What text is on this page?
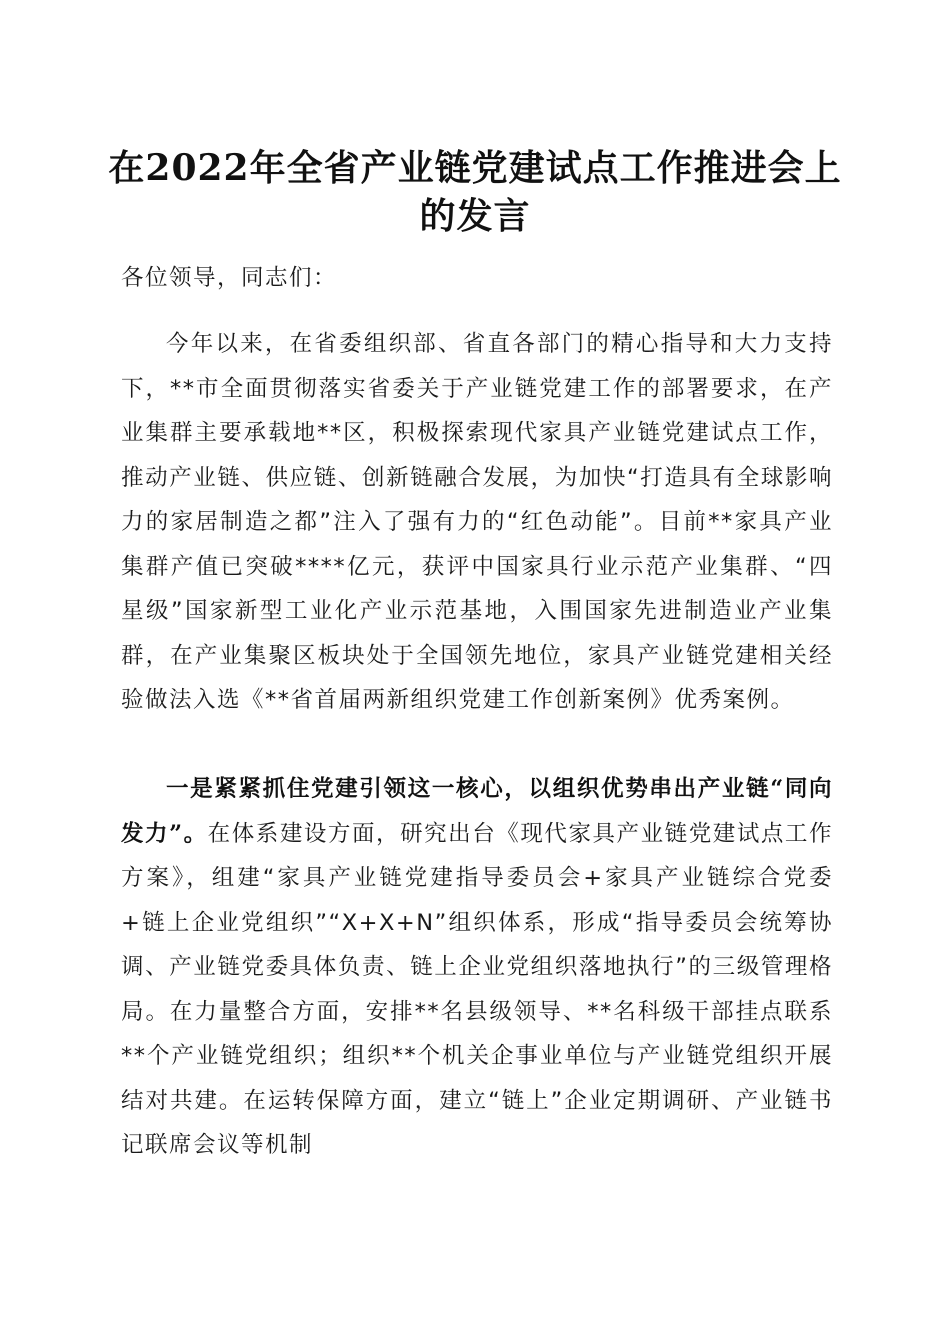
在2022年全省产业链党建试点工作推进会上
的发言

各位领导，同志们：

今年以来，在省委组织部、省直各部门的精心指导和大力支持下，**市全面贯彻落实省委关于产业链党建工作的部署要求，在产业集群主要承载地**区，积极探索现代家具产业链党建试点工作，推动产业链、供应链、创新链融合发展，为加快“打造具有全球影响力的家居制造之都”注入了强有力的“红色动能”。目前**家具产业集群产值已突破****亿元，获评中国家具行业示范产业集群、“四星级”国家新型工业化产业示范基地，入围国家先进制造业产业集群，在产业集聚区板块处于全国领先地位，家具产业链党建相关经验做法入选《**省首届两新组织党建工作创新案例》优秀案例。

一是紧紧抓住党建引领这一核心，以组织优势串出产业链“同向发力”。在体系建设方面，研究出台《现代家具产业链党建试点工作方案》，组建“家具产业链党建指导委员会+家具产业链综合党委+链上企业党组织”“X+X+N”组织体系，形成“指导委员会统筹协调、产业链党委具体负责、链上企业党组织落地执行”的三级管理格局。在力量整合方面，安排**名县级领导、**名科级干部挂点联系**个产业链党组织；组织**个机关企事业单位与产业链党组织开展结对共建。在运转保障方面，建立“链上”企业定期调研、产业链书记联席会议等机制
